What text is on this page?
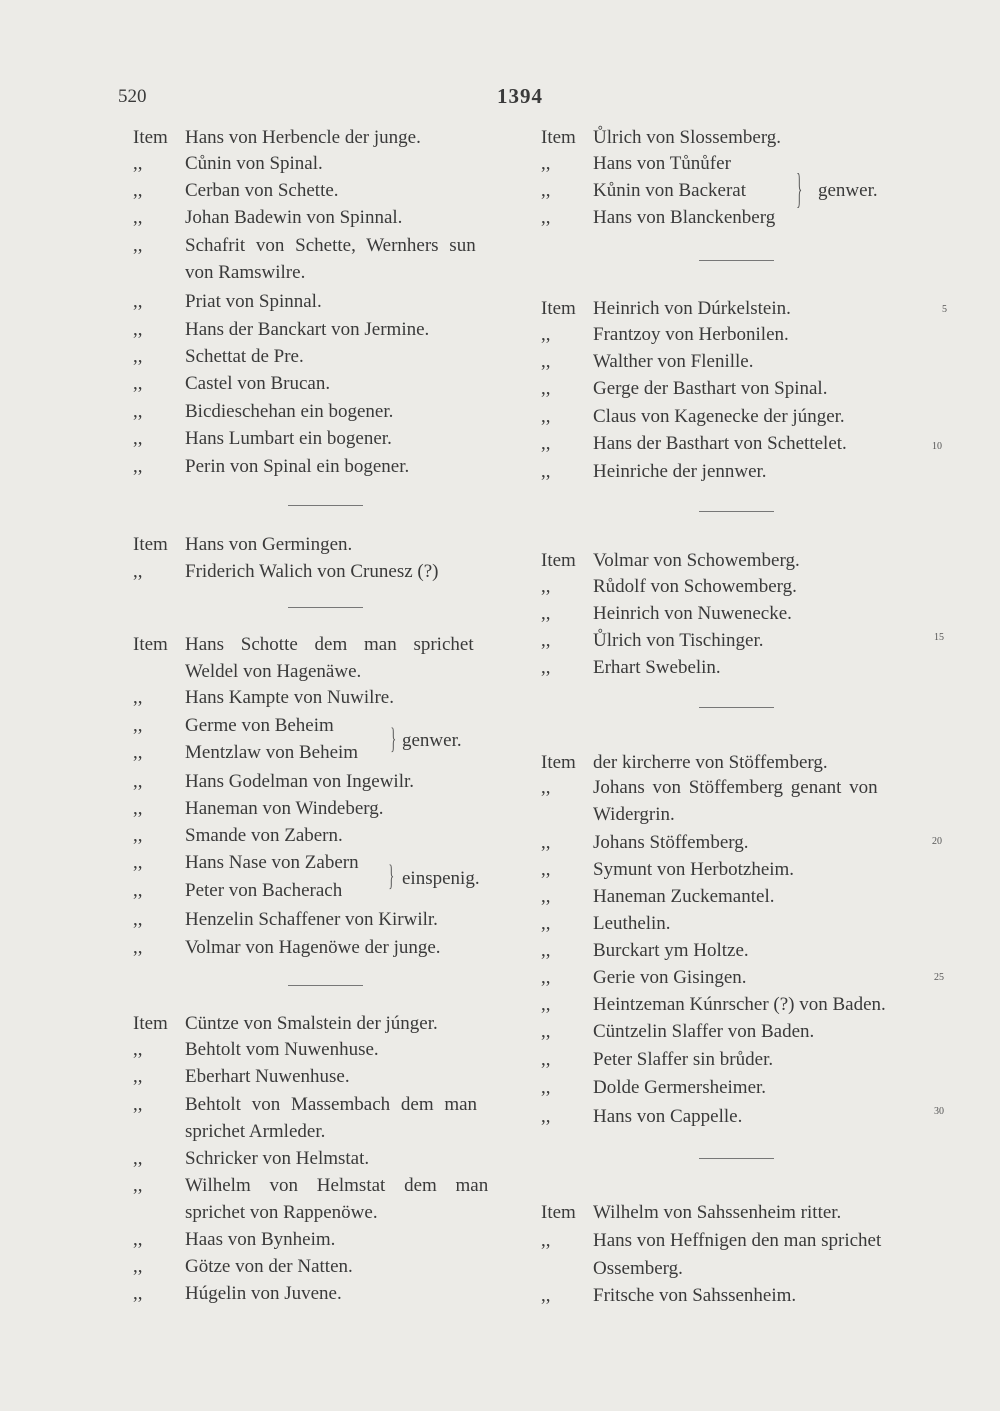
520	1394
Item Hans von Herbencle der junge.
,, Cůnin von Spinal.
,, Cerban von Schette.
,, Johan Badewin von Spinnal.
,, Schafrit von Schette, Wernhers sun
von Ramswilre.
,, Priat von Spinnal.
,, Hans der Banckart von Jermine.
,, Schettat de Pre.
,, Castel von Brucan.
,, Bicdieschehan ein bogener.
,, Hans Lumbart ein bogener.
,, Perin von Spinal ein bogener.
Item Hans von Germingen.
,, Friderich Walich von Crunesz (?)
Item Hans Schotte dem man sprichet
Weldel von Hagenäwe.
,, Hans Kampte von Nuwilre.
,, Germe von Beheim
,, Mentzlaw von Beheim } genwer.
,, Hans Godelman von Ingewilr.
,, Haneman von Windeberg.
,, Smande von Zabern.
,, Hans Nase von Zabern
,, Peter von Bacherach } einspenig.
,, Henzelin Schaffener von Kirwilr.
,, Volmar von Hagenöwe der junge.
Item Cüntze von Smalstein der júnger.
,, Behtolt vom Nuwenhuse.
,, Eberhart Nuwenhuse.
,, Behtolt von Massembach dem man
sprichet Armleder.
,, Schricker von Helmstat.
,, Wilhelm von Helmstat dem man
sprichet von Rappenöwe.
,, Haas von Bynheim.
,, Götze von der Natten.
,, Húgelin von Juvene.
Item Ůlrich von Slossemberg.
,, Hans von Tůnůfer
,, Kůnin von Backerat
,, Hans von Blanckenberg
} genwer.
Item Heinrich von Dúrkelstein.
,, Frantzoy von Herbonilen.
,, Walther von Flenille.
,, Gerge der Basthart von Spinal.
,, Claus von Kagenecke der júnger.
,, Hans der Basthart von Schettelet.
,, Heinriche der jennwer.
Item Volmar von Schowemberg.
,, Růdolf von Schowemberg.
,, Heinrich von Nuwenecke.
,, Ůlrich von Tischinger.
,, Erhart Swebelin.
Item der kircherre von Stöffemberg.
,, Johans von Stöffemberg genant von
Widergrin.
,, Johans Stöffemberg.
,, Symunt von Herbotzheim.
,, Haneman Zuckemantel.
,, Leuthelin.
,, Burckart ym Holtze.
,, Gerie von Gisingen.
,, Heintzeman Kúnrscher (?) von Baden.
,, Cüntzelin Slaffer von Baden.
,, Peter Slaffer sin brůder.
,, Dolde Germersheimer.
,, Hans von Cappelle.
Item Wilhelm von Sahssenheim ritter.
,, Hans von Heffnigen den man sprichet
Ossemberg.
,, Fritsche von Sahssenheim.
5
10
15
20
25
30
